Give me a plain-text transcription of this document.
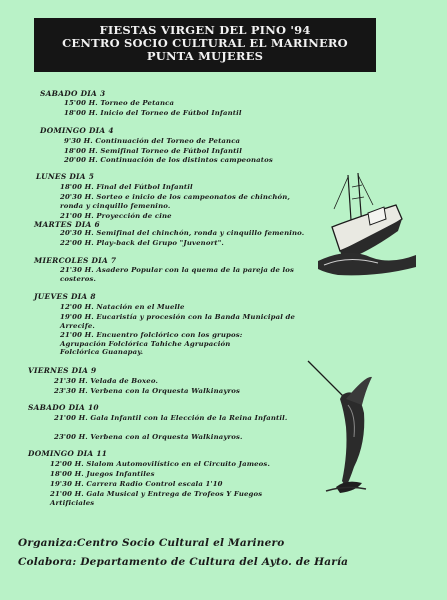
FIESTAS VIRGEN DEL PINO '94
CENTRO SOCIO CULTURAL EL MARINERO
PUNTA MUJERES
SABADO DIA 3
15'00 H. Torneo de Petanca
18'00 H. Inicio del Torneo de Fútbol Infantil
DOMINGO DIA 4
9'30 H. Continuación del Torneo de Petanca
18'00 H. Semifinal Torneo de Fútbol Infantil
20'00 H. Continuación de los distintos campeonatos
LUNES DIA 5
18'00 H. Final del Fútbol Infantil
20'30 H. Sorteo e inicio de los campeonatos de chinchón, ronda y cinquillo femenino.
21'00 H. Proyección de cine
MARTES DIA 6
20'30 H. Semifinal del chinchón, ronda y cinquillo femenino.
22'00 H. Play-back del Grupo "Juvenort".
MIERCOLES DIA 7
21'30 H. Asadero Popular con la quema de la pareja de los costeros.
JUEVES DIA 8
12'00 H. Natación en el Muelle
19'00 H. Eucaristía y procesión con la Banda Municipal de Arrecife.
21'00 H. Encuentro folclórico con los grupos: Agrupación Folclórica Tahiche Agrupación Folclórica Guanapay.
VIERNES DIA 9
21'30 H. Velada de Boxeo.
23'30 H. Verbena con la Orquesta Walkinayros
SABADO DIA 10
21'00 H. Gala Infantil con la Elección de la Reina Infantil.
23'00 H. Verbena con al Orquesta Walkinayros.
DOMINGO DIA 11
12'00 H. Slalom Automovilístico en el Circuito Jameos.
18'00 H. Juegos Infantiles
19'30 H. Carrera Radio Control escala 1'10
21'00 H. Gala Musical y Entrega de Trofeos Y Fuegos Artificiales
Organiza:Centro Socio Cultural el Marinero
Colabora: Departamento de Cultura del Ayto. de Haría
